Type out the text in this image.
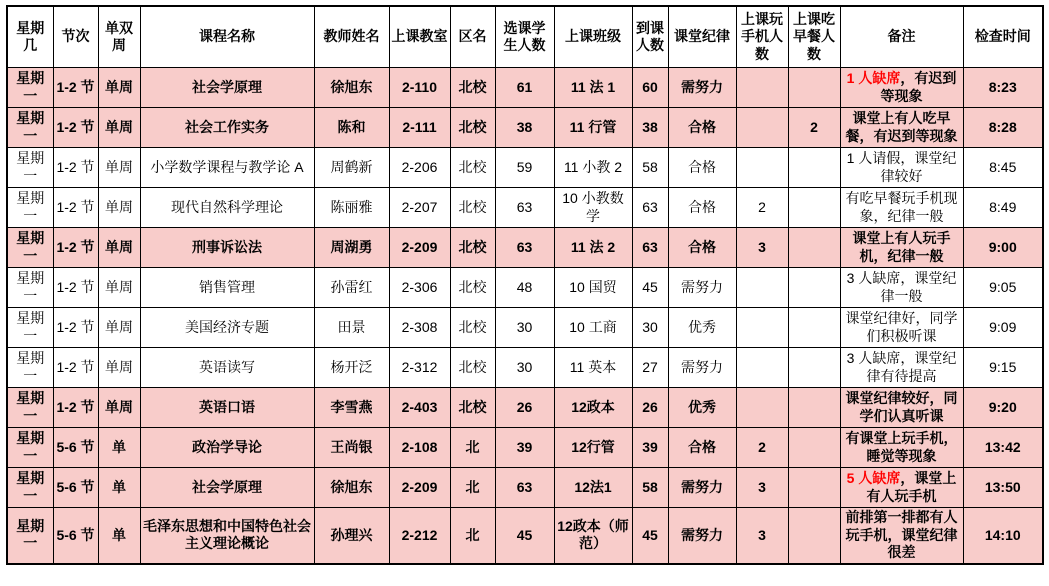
星期几	节次	单双周	课程名称	教师姓名	上课教室	区名	选课学生人数	上课班级	到课人数	课堂纪律	上课玩手机人数	上课吃早餐人数	备注	检查时间
星期一	1-2 节	单周	社会学原理	徐旭东	2-110	北校	61	11 法 1	60	需努力			1 人缺席，有迟到等现象	8:23
星期一	1-2 节	单周	社会工作实务	陈和	2-111	北校	38	11 行管	38	合格		2	课堂上有人吃早餐，有迟到等现象	8:28
星期一	1-2 节	单周	小学数学课程与教学论 A	周鹤新	2-206	北校	59	11 小教 2	58	合格			1 人请假，课堂纪律较好	8:45
星期一	1-2 节	单周	现代自然科学理论	陈丽雅	2-207	北校	63	10 小教数学	63	合格	2		有吃早餐玩手机现象，纪律一般	8:49
星期一	1-2 节	单周	刑事诉讼法	周湖勇	2-209	北校	63	11 法 2	63	合格	3		课堂上有人玩手机，纪律一般	9:00
星期一	1-2 节	单周	销售管理	孙雷红	2-306	北校	48	10 国贸	45	需努力			3 人缺席，课堂纪律一般	9:05
星期一	1-2 节	单周	美国经济专题	田景	2-308	北校	30	10 工商	30	优秀			课堂纪律好，同学们积极听课	9:09
星期一	1-2 节	单周	英语读写	杨开泛	2-312	北校	30	11 英本	27	需努力			3 人缺席，课堂纪律有待提高	9:15
星期一	1-2 节	单周	英语口语	李雪燕	2-403	北校	26	12政本	26	优秀			课堂纪律较好，同学们认真听课	9:20
星期一	5-6 节	单	政治学导论	王尚银	2-108	北	39	12行管	39	合格	2		有课堂上玩手机，睡觉等现象	13:42
星期一	5-6 节	单	社会学原理	徐旭东	2-209	北	63	12法1	58	需努力	3		5 人缺席，课堂上有人玩手机	13:50
星期一	5-6 节	单	毛泽东思想和中国特色社会主义理论概论	孙理兴	2-212	北	45	12政本（师范）	45	需努力	3		前排第一排都有人玩手机，课堂纪律很差	14:10
